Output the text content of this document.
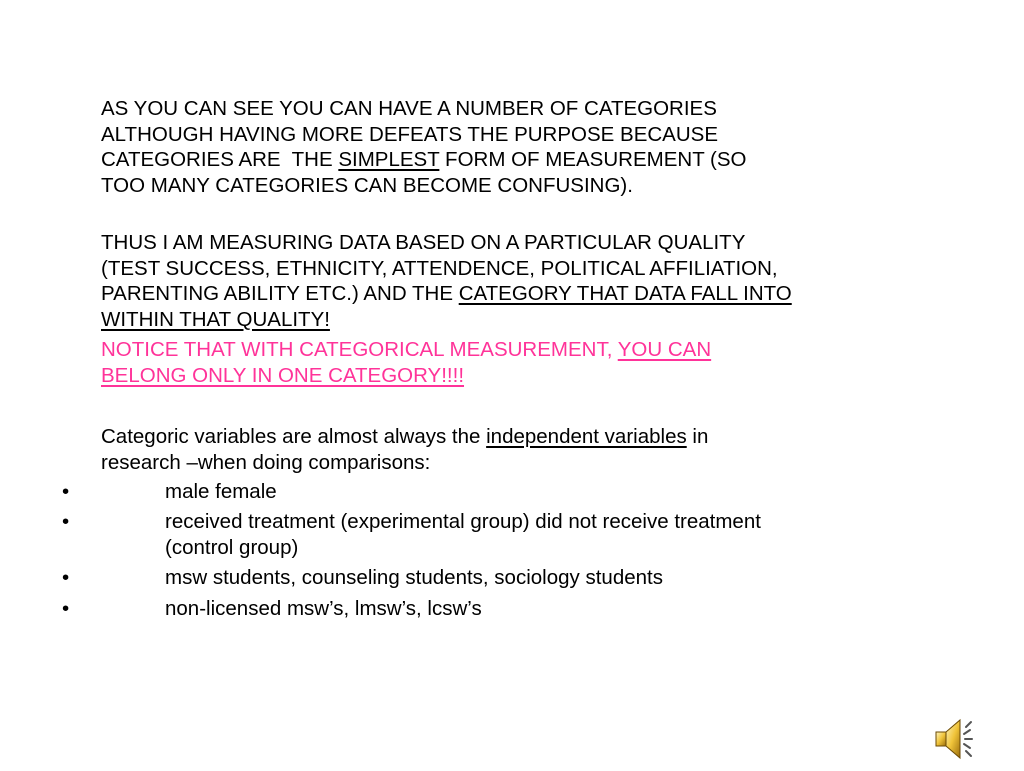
AS YOU CAN SEE YOU CAN HAVE A NUMBER OF CATEGORIES
ALTHOUGH HAVING MORE DEFEATS THE PURPOSE BECAUSE
CATEGORIES ARE  THE SIMPLEST FORM OF MEASUREMENT (SO
TOO MANY CATEGORIES CAN BECOME CONFUSING).
THUS I AM MEASURING DATA BASED ON A PARTICULAR QUALITY
(TEST SUCCESS, ETHNICITY, ATTENDENCE, POLITICAL AFFILIATION,
PARENTING ABILITY ETC.) AND THE CATEGORY THAT DATA FALL INTO
WITHIN THAT QUALITY!
NOTICE THAT WITH CATEGORICAL MEASUREMENT, YOU CAN
BELONG ONLY IN ONE CATEGORY!!!!
Categoric variables are almost always the independent variables in
research –when doing comparisons:
•	male female
•	received treatment (experimental group) did not receive treatment
(control group)
•	msw students, counseling students, sociology students
•	non-licensed msw’s, lmsw’s, lcsw’s
